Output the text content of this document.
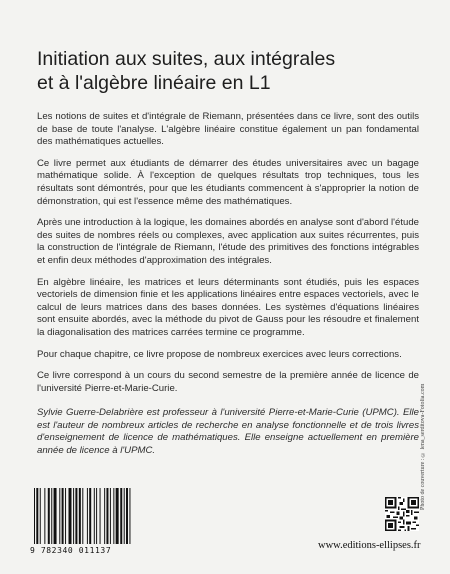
Initiation aux suites, aux intégrales
et à l'algèbre linéaire en L1

Les notions de suites et d'intégrale de Riemann, présentées dans ce livre, sont des outils de base de toute l'analyse. L'algèbre linéaire constitue également un pan fondamental des mathématiques actuelles.

Ce livre permet aux étudiants de démarrer des études universitaires avec un bagage mathématique solide. À l'exception de quelques résultats trop techniques, tous les résultats sont démontrés, pour que les étudiants commencent à s'approprier la notion de démonstration, qui est l'essence même des mathématiques.

Après une introduction à la logique, les domaines abordés en analyse sont d'abord l'étude des suites de nombres réels ou complexes, avec application aux suites récurrentes, puis la construction de l'intégrale de Riemann, l'étude des primitives des fonctions intégrables et enfin deux méthodes d'approximation des intégrales.

En algèbre linéaire, les matrices et leurs déterminants sont étudiés, puis les espaces vectoriels de dimension finie et les applications linéaires entre espaces vectoriels, avec le calcul de leurs matrices dans des bases données. Les systèmes d'équations linéaires sont ensuite abordés, avec la méthode du pivot de Gauss pour les résoudre et finalement la diagonalisation des matrices carrées termine ce programme.

Pour chaque chapitre, ce livre propose de nombreux exercices avec leurs corrections.

Ce livre correspond à un cours du second semestre de la première année de licence de l'université Pierre-et-Marie-Curie.

Sylvie Guerre-Delabrière est professeur à l'université Pierre-et-Marie-Curie (UPMC). Elle est l'auteur de nombreux articles de recherche en analyse fonctionnelle et de trois livres d'enseignement de licence de mathématiques. Elle enseigne actuellement en première année de licence à l'UPMC.	Photo de couverture : © lena_serditova-Fotolia.com
9 782340 011137	www.editions-ellipses.fr
